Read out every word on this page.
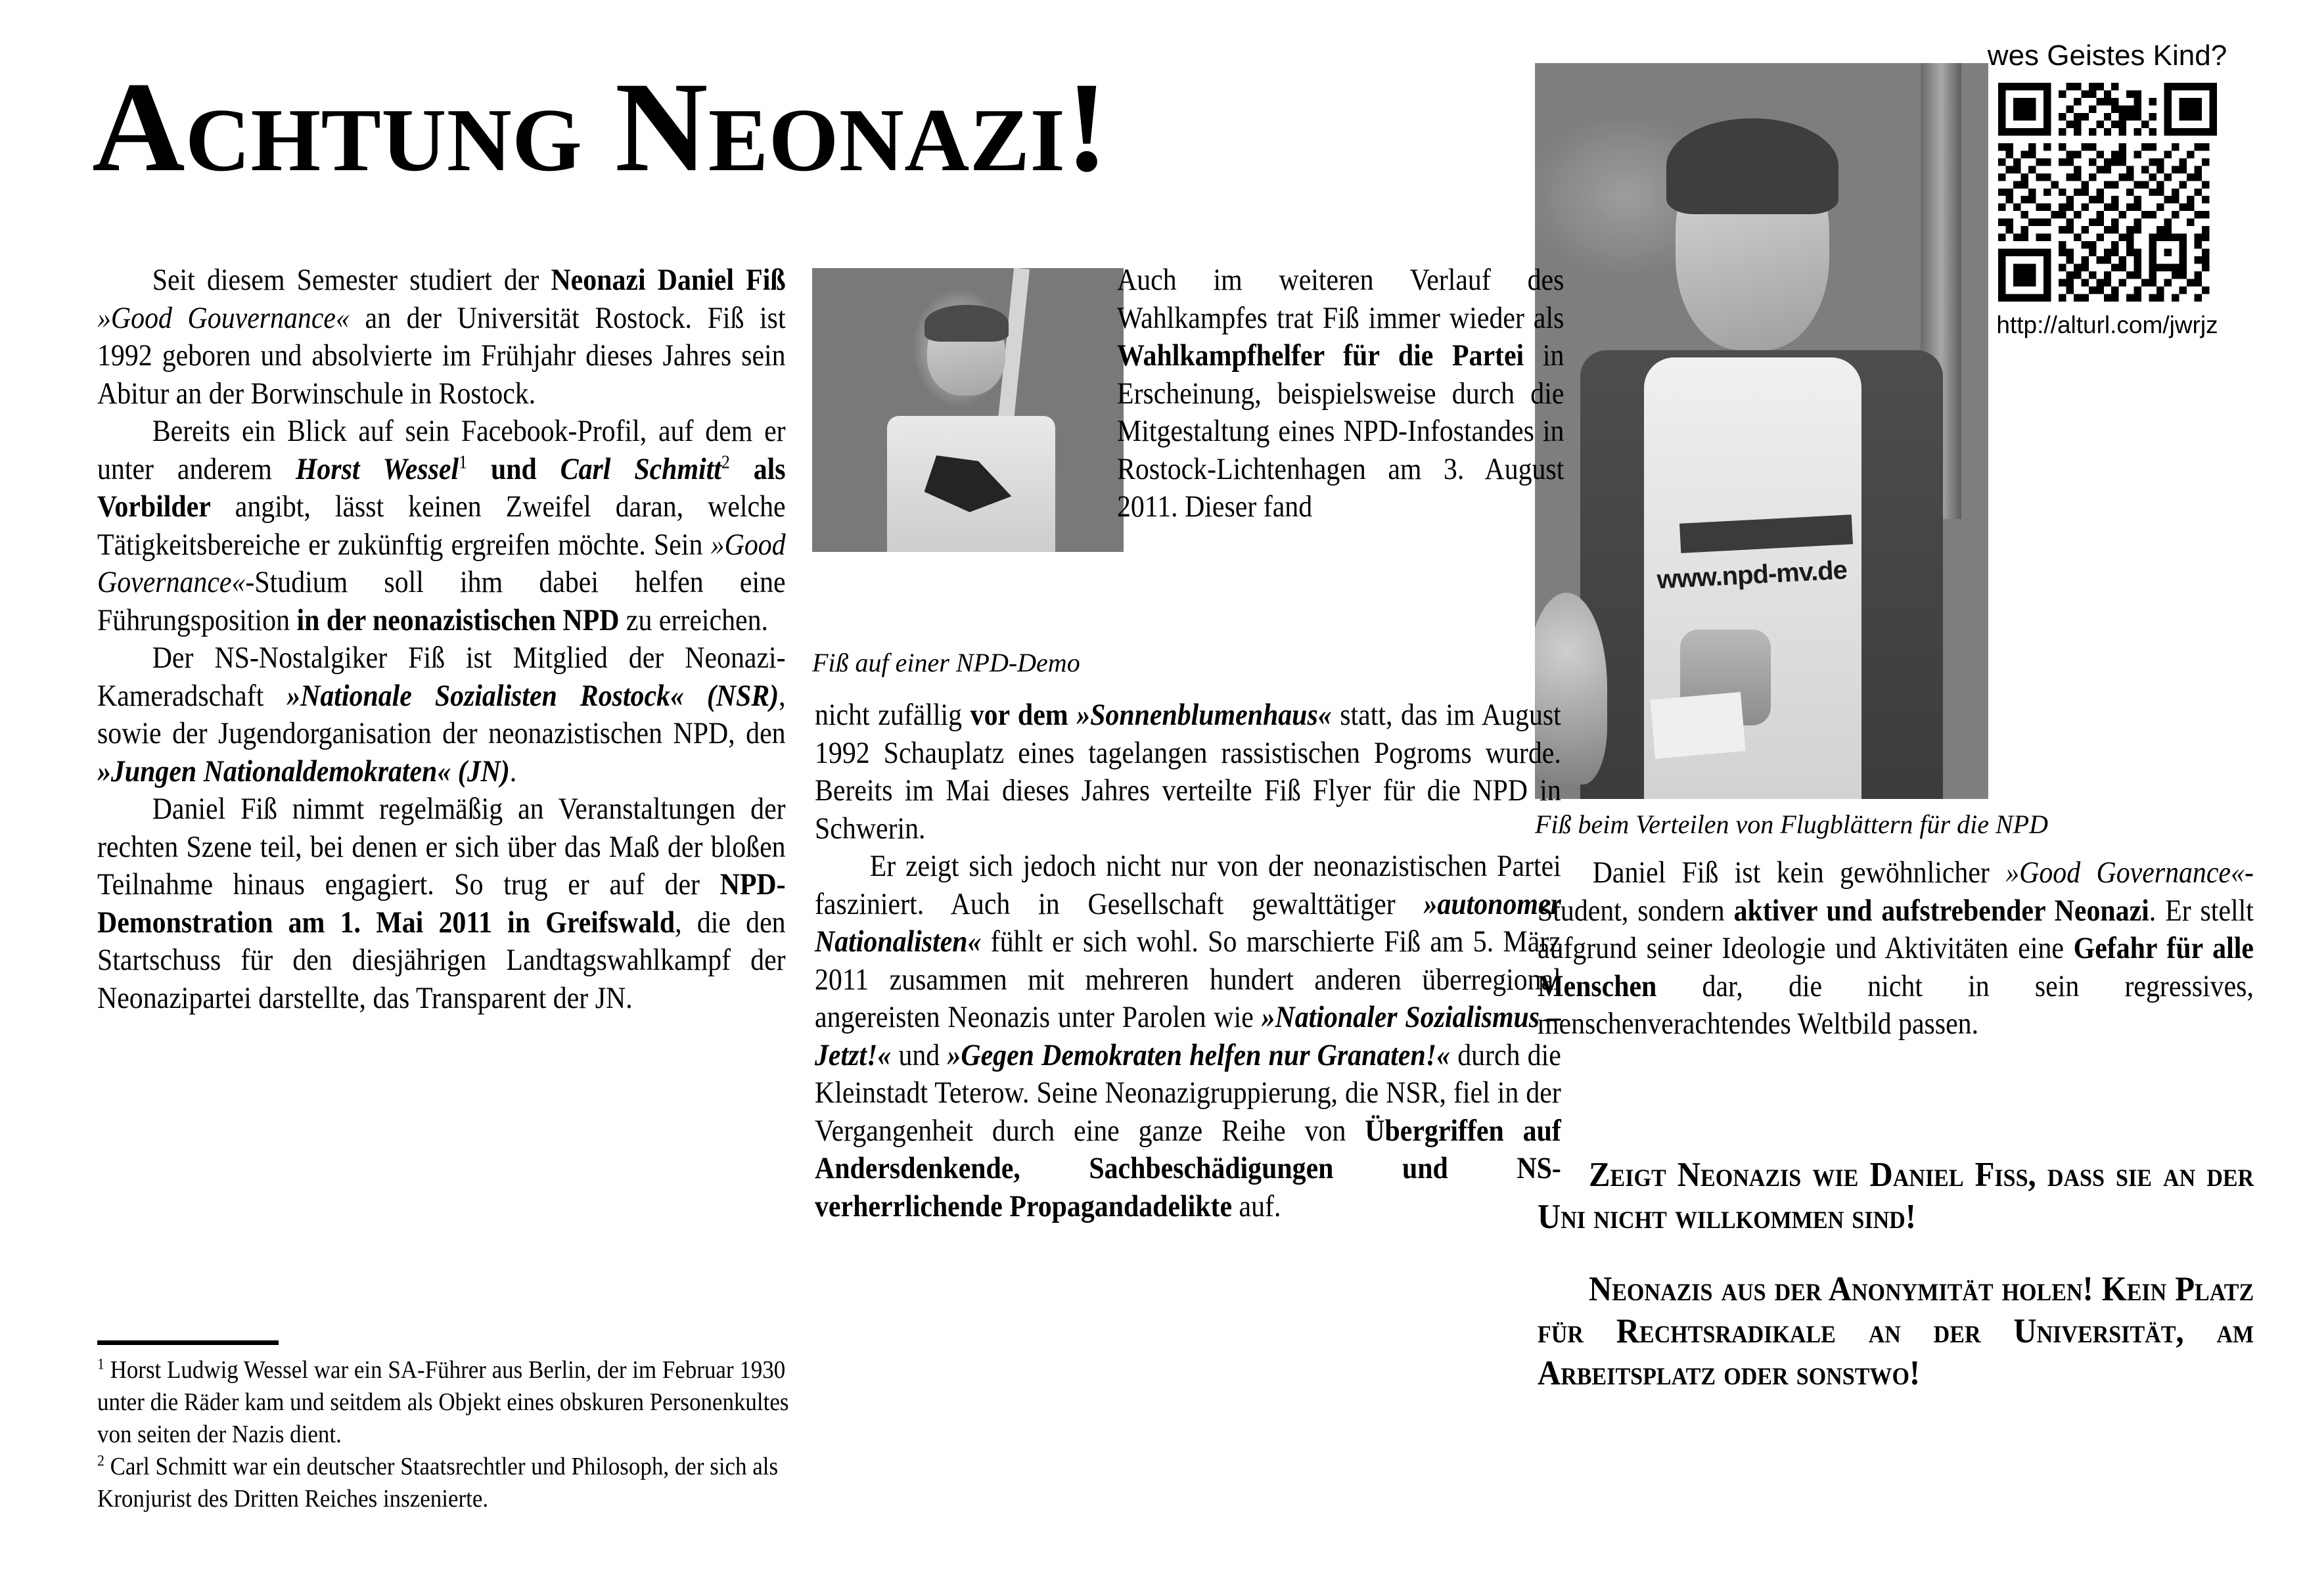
Achtung Neonazi!
Fiß auf einer NPD-Demo
www.npd-mv.de
Fiß beim Verteilen von Flugblättern für die NPD
wes Geistes Kind?
http://alturl.com/jwrjz

Seit diesem Semester studiert der Neonazi Daniel Fiß »Good Gouvernance« an der Universität Rostock. Fiß ist 1992 geboren und absolvierte im Frühjahr dieses Jahres sein Abitur an der Borwinschule in Rostock.

Bereits ein Blick auf sein Facebook-Profil, auf dem er unter anderem Horst Wessel$^1$ und Carl Schmitt$^2$ als Vorbilder angibt, lässt keinen Zweifel daran, welche Tätigkeitsbereiche er zukünftig ergreifen möchte. Sein »Good Governance«-Studium soll ihm dabei helfen eine Führungsposition in der neonazistischen NPD zu erreichen.

Der NS-Nostalgiker Fiß ist Mitglied der Neonazi-Kameradschaft »Nationale Sozialisten Rostock« (NSR), sowie der Jugendorganisation der neonazistischen NPD, den »Jungen Nationaldemokraten« (JN).

Daniel Fiß nimmt regelmäßig an Veranstaltungen der rechten Szene teil, bei denen er sich über das Maß der bloßen Teilnahme hinaus engagiert. So trug er auf der NPD-Demonstration am 1. Mai 2011 in Greifswald, die den Startschuss für den diesjährigen Landtagswahlkampf der Neonazipartei darstellte, das Transparent der JN.

$^1$ Horst Ludwig Wessel war ein SA-Führer aus Berlin, der im Februar 1930 unter die Räder kam und seitdem als Objekt eines obskuren Personenkultes von seiten der Nazis dient.

$^2$ Carl Schmitt war ein deutscher Staatsrechtler und Philosoph, der sich als Kronjurist des Dritten Reiches inszenierte.

Auch im weiteren Verlauf des Wahlkampfes trat Fiß immer wieder als Wahlkampfhelfer für die Partei in Erscheinung, beispielsweise durch die Mitgestaltung eines NPD-Infostandes in Rostock-Lichtenhagen am 3. August 2011. Dieser fand

nicht zufällig vor dem »Sonnenblumenhaus« statt, das im August 1992 Schauplatz eines tagelangen rassistischen Pogroms wurde. Bereits im Mai dieses Jahres verteilte Fiß Flyer für die NPD in Schwerin.

Er zeigt sich jedoch nicht nur von der neonazistischen Partei fasziniert. Auch in Gesellschaft gewalttätiger »autonomer Nationalisten« fühlt er sich wohl. So marschierte Fiß am 5. März 2011 zusammen mit mehreren hundert anderen überregional angereisten Neonazis unter Parolen wie »Nationaler Sozialismus – Jetzt!« und »Gegen Demokraten helfen nur Granaten!« durch die Kleinstadt Teterow. Seine Neonazigruppierung, die NSR, fiel in der Vergangenheit durch eine ganze Reihe von Übergriffen auf Andersdenkende, Sachbeschädigungen und NS-verherrlichende Propagandadelikte auf.

Daniel Fiß ist kein gewöhnlicher »Good Governance«-Student, sondern aktiver und aufstrebender Neonazi. Er stellt aufgrund seiner Ideologie und Aktivitäten eine Gefahr für alle Menschen dar, die nicht in sein regressives, menschenverachtendes Weltbild passen.

Zeigt Neonazis wie Daniel Fiss, dass sie an der Uni nicht willkommen sind!

Neonazis aus der Anonymität holen! Kein Platz für Rechtsradikale an der Universität, am Arbeitsplatz oder sonstwo!
